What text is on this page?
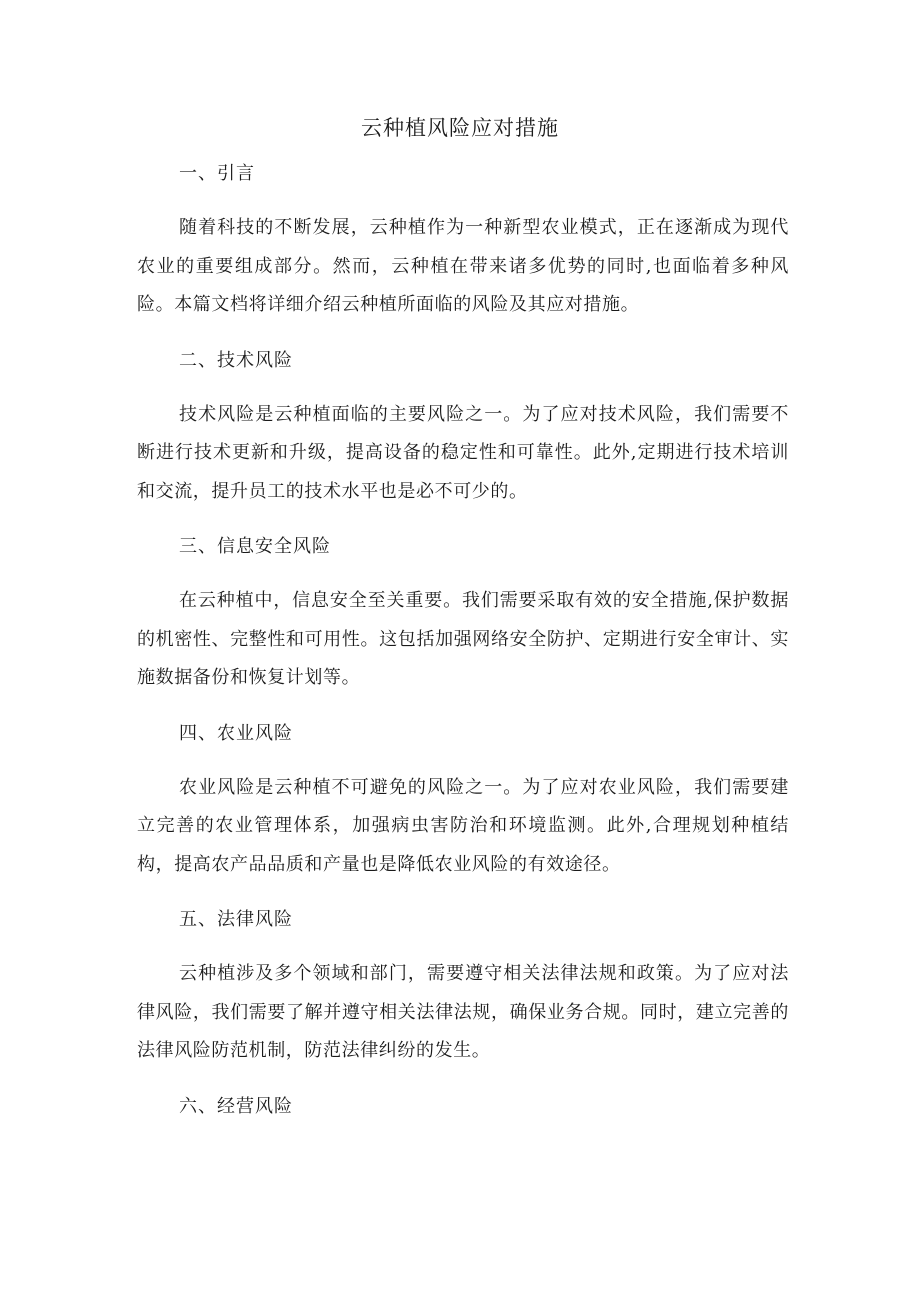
云种植风险应对措施
一、引言

随着科技的不断发展，云种植作为一种新型农业模式，正在逐渐成为现代农业的重要组成部分。然而，云种植在带来诸多优势的同时,也面临着多种风险。本篇文档将详细介绍云种植所面临的风险及其应对措施。

二、技术风险

技术风险是云种植面临的主要风险之一。为了应对技术风险，我们需要不断进行技术更新和升级，提高设备的稳定性和可靠性。此外,定期进行技术培训和交流，提升员工的技术水平也是必不可少的。

三、信息安全风险

在云种植中，信息安全至关重要。我们需要采取有效的安全措施,保护数据的机密性、完整性和可用性。这包括加强网络安全防护、定期进行安全审计、实施数据备份和恢复计划等。

四、农业风险

农业风险是云种植不可避免的风险之一。为了应对农业风险，我们需要建立完善的农业管理体系，加强病虫害防治和环境监测。此外,合理规划种植结构，提高农产品品质和产量也是降低农业风险的有效途径。

五、法律风险

云种植涉及多个领域和部门，需要遵守相关法律法规和政策。为了应对法律风险，我们需要了解并遵守相关法律法规，确保业务合规。同时，建立完善的法律风险防范机制，防范法律纠纷的发生。

六、经营风险
